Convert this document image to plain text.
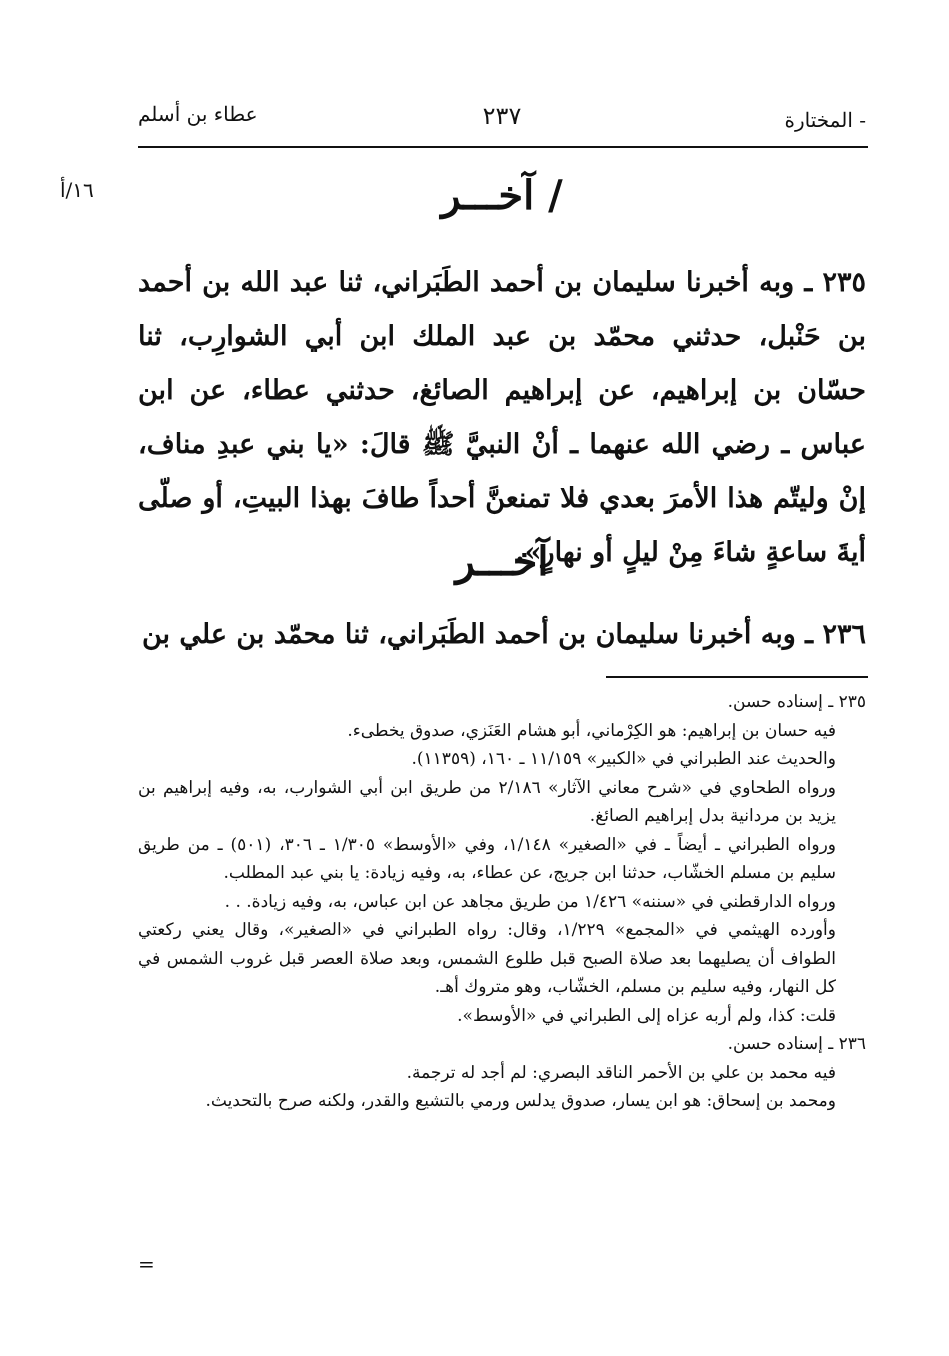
- المختارة
٢٣٧
عطاء بن أسلم
١٦/أ	/ آخـــر

٢٣٥ ـ وبه أخبرنا سليمان بن أحمد الطَبَراني، ثنا عبد الله بن أحمد بن حَنْبل، حدثني محمّد بن عبد الملك ابن أبي الشوارِب، ثنا حسّان بن إبراهيم، عن إبراهيم الصائغ، حدثني عطاء، عن ابن عباس ـ رضي الله عنهما ـ أنْ النبيَّ ﷺ قالَ: «يا بني عبدِ مناف، إنْ وليتّم هذا الأمرَ بعدي فلا تمنعنَّ أحداً طافَ بهذا البيتِ، أو صلّى أيةَ ساعةٍ شاءَ مِنْ ليلٍ أو نهارٍ».

آخـــر

٢٣٦ ـ وبه أخبرنا سليمان بن أحمد الطَبَراني، ثنا محمّد بن علي بن

٢٣٥ ـ إسناده حسن.

فيه حسان بن إبراهيم: هو الكِرْماني، أبو هشام العَنَزي، صدوق يخطىء.

والحديث عند الطبراني في «الكبير» ١١/١٥٩ ـ ١٦٠، (١١٣٥٩).

ورواه الطحاوي في «شرح معاني الآثار» ٢/١٨٦ من طريق ابن أبي الشوارب، به، وفيه إبراهيم بن يزيد بن مردانية بدل إبراهيم الصائغ.

ورواه الطبراني ـ أيضاً ـ في «الصغير» ١/١٤٨، وفي «الأوسط» ١/٣٠٥ ـ ٣٠٦، (٥٠١) ـ من طريق سليم بن مسلم الخشّاب، حدثنا ابن جريج، عن عطاء، به، وفيه زيادة: يا بني عبد المطلب.

ورواه الدارقطني في «سننه» ١/٤٢٦ من طريق مجاهد عن ابن عباس، به، وفيه زيادة. . .

وأورده الهيثمي في «المجمع» ١/٢٢٩، وقال: رواه الطبراني في «الصغير»، وقال يعني ركعتي الطواف أن يصليهما بعد صلاة الصبح قبل طلوع الشمس، وبعد صلاة العصر قبل غروب الشمس في كل النهار، وفيه سليم بن مسلم، الخشّاب، وهو متروك أهـ.

قلت: كذا، ولم أربه عزاه إلى الطبراني في «الأوسط».

٢٣٦ ـ إسناده حسن.

فيه محمد بن علي بن الأحمر الناقد البصري: لم أجد له ترجمة.

ومحمد بن إسحاق: هو ابن يسار، صدوق يدلس ورمي بالتشيع والقدر، ولكنه صرح بالتحديث.

=
